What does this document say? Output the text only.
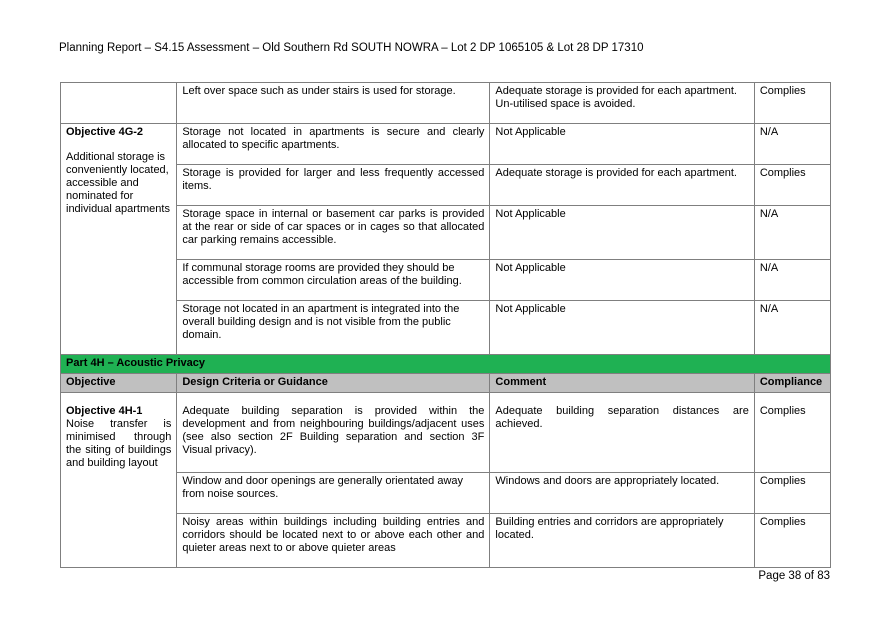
Planning Report – S4.15 Assessment – Old Southern Rd SOUTH NOWRA – Lot 2 DP 1065105 & Lot 28 DP 17310
	Left over space such as under stairs is used for storage.	Adequate storage is provided for each apartment. Un-utilised space is avoided.	Complies

Objective 4G-2
Additional storage is conveniently located, accessible and nominated for individual apartments	Storage not located in apartments is secure and clearly allocated to specific apartments.	Not Applicable	N/A
	Storage is provided for larger and less frequently accessed items.	Adequate storage is provided for each apartment.	Complies
	Storage space in internal or basement car parks is provided at the rear or side of car spaces or in cages so that allocated car parking remains accessible.	Not Applicable	N/A
	If communal storage rooms are provided they should be accessible from common circulation areas of the building.	Not Applicable	N/A
	Storage not located in an apartment is integrated into the overall building design and is not visible from the public domain.	Not Applicable	N/A
Part 4H – Acoustic Privacy			
Objective	Design Criteria or Guidance	Comment	Compliance

Objective 4H-1
Noise transfer is minimised through the siting of buildings and building layout	Adequate building separation is provided within the development and from neighbouring buildings/adjacent uses (see also section 2F Building separation and section 3F Visual privacy).	Adequate building separation distances are achieved.	Complies
	Window and door openings are generally orientated away from noise sources.	Windows and doors are appropriately located.	Complies
	Noisy areas within buildings including building entries and corridors should be located next to or above each other and quieter areas next to or above quieter areas	Building entries and corridors are appropriately located.	Complies
Page 38 of 83
